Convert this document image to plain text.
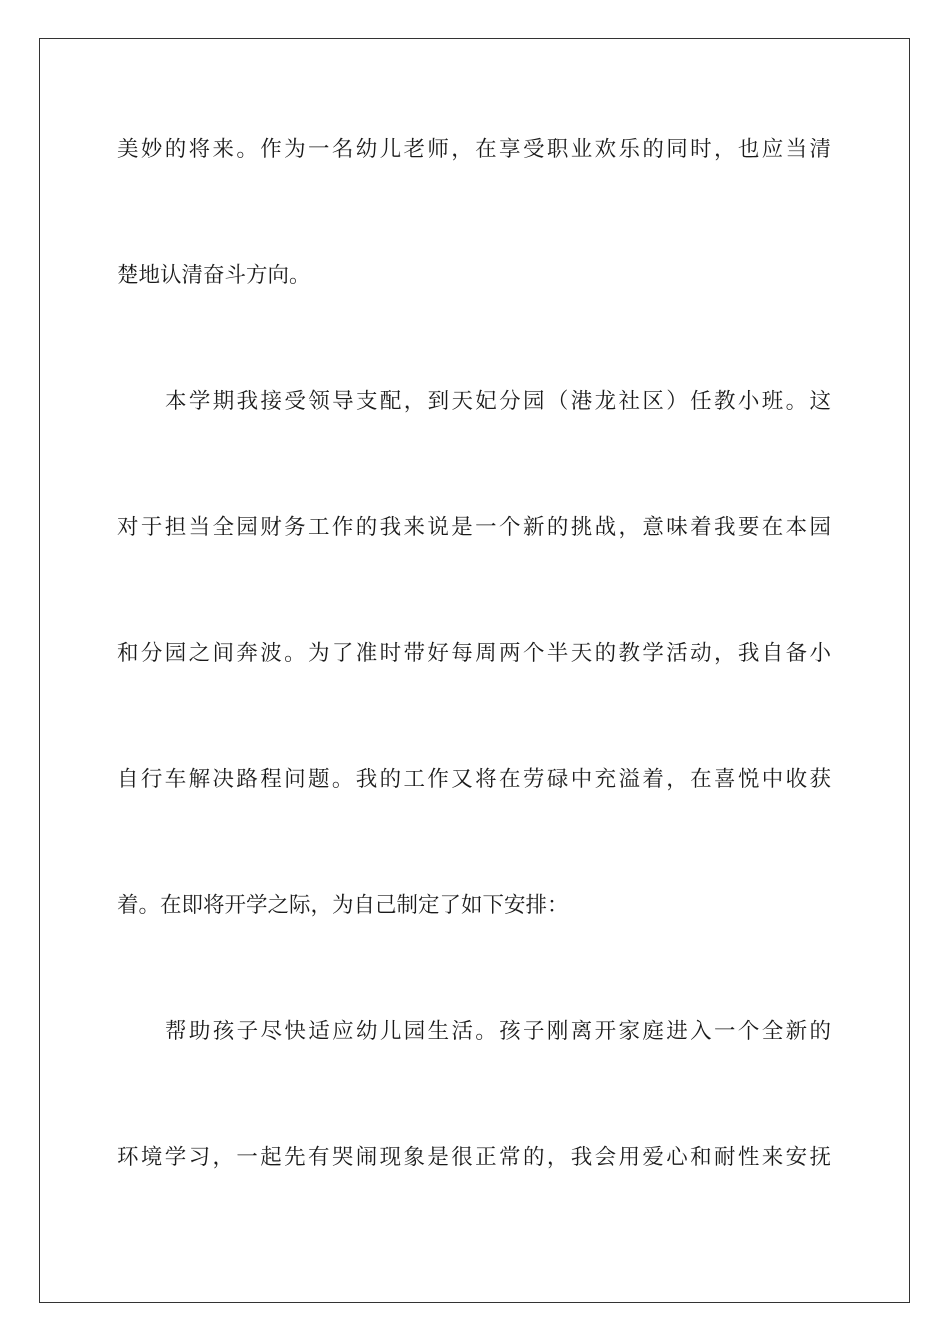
美妙的将来。作为一名幼儿老师，在享受职业欢乐的同时，也应当清
楚地认清奋斗方向。
本学期我接受领导支配，到天妃分园（港龙社区）任教小班。这
对于担当全园财务工作的我来说是一个新的挑战，意味着我要在本园
和分园之间奔波。为了准时带好每周两个半天的教学活动，我自备小
自行车解决路程问题。我的工作又将在劳碌中充溢着，在喜悦中收获
着。在即将开学之际，为自己制定了如下安排：
帮助孩子尽快适应幼儿园生活。孩子刚离开家庭进入一个全新的
环境学习，一起先有哭闹现象是很正常的，我会用爱心和耐性来安抚
